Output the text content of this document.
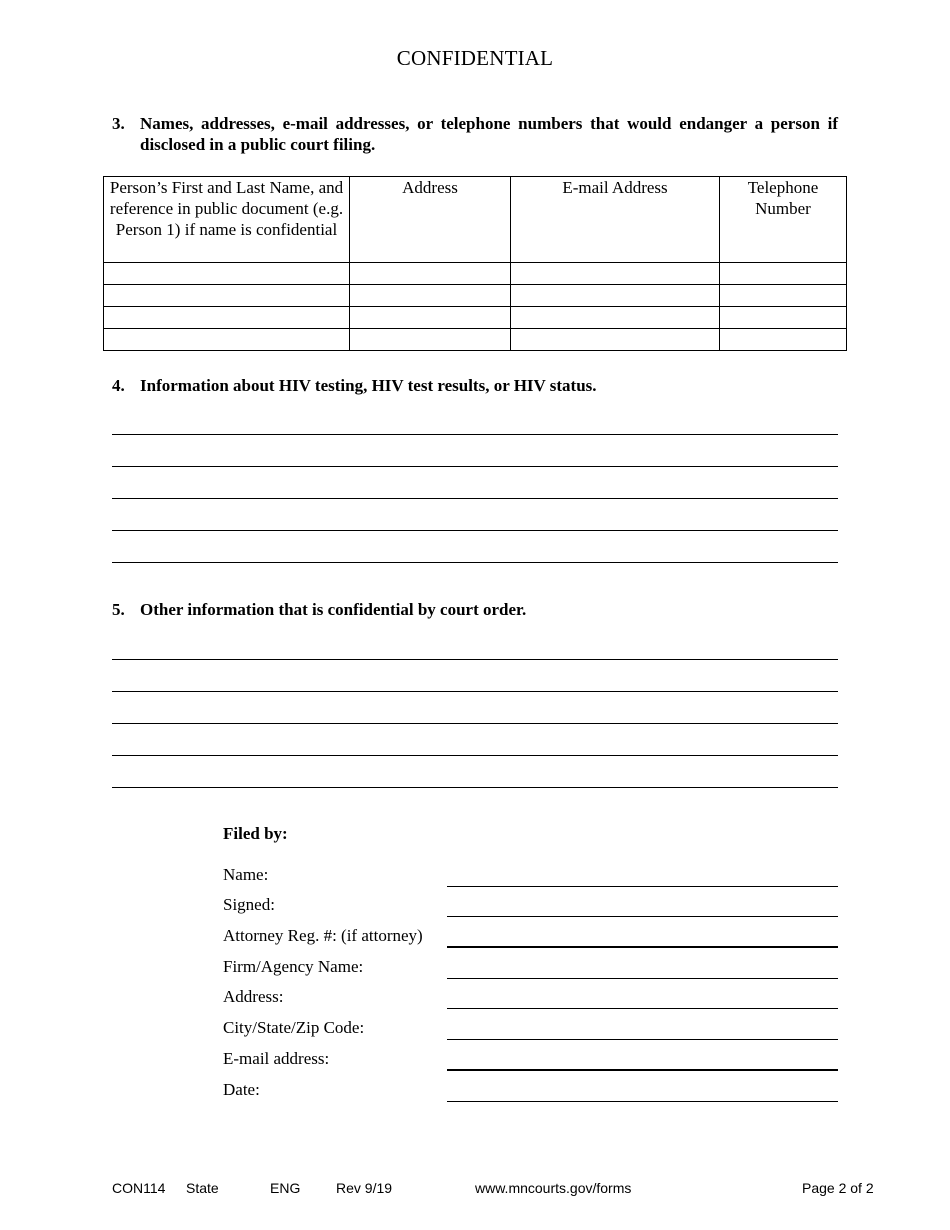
CONFIDENTIAL
3. Names, addresses, e-mail addresses, or telephone numbers that would endanger a person if disclosed in a public court filing.
Person’s First and Last Name, and reference in public document (e.g. Person 1) if name is confidential	Address	E-mail Address	Telephone Number

4. Information about HIV testing, HIV test results, or HIV status.
5. Other information that is confidential by court order.
Filed by:
Name:
Signed:
Attorney Reg. #: (if attorney)
Firm/Agency Name:
Address:
City/State/Zip Code:
E-mail address:
Date:
CON114 State	ENG	Rev 9/19	www.mncourts.gov/forms	Page 2 of 2
